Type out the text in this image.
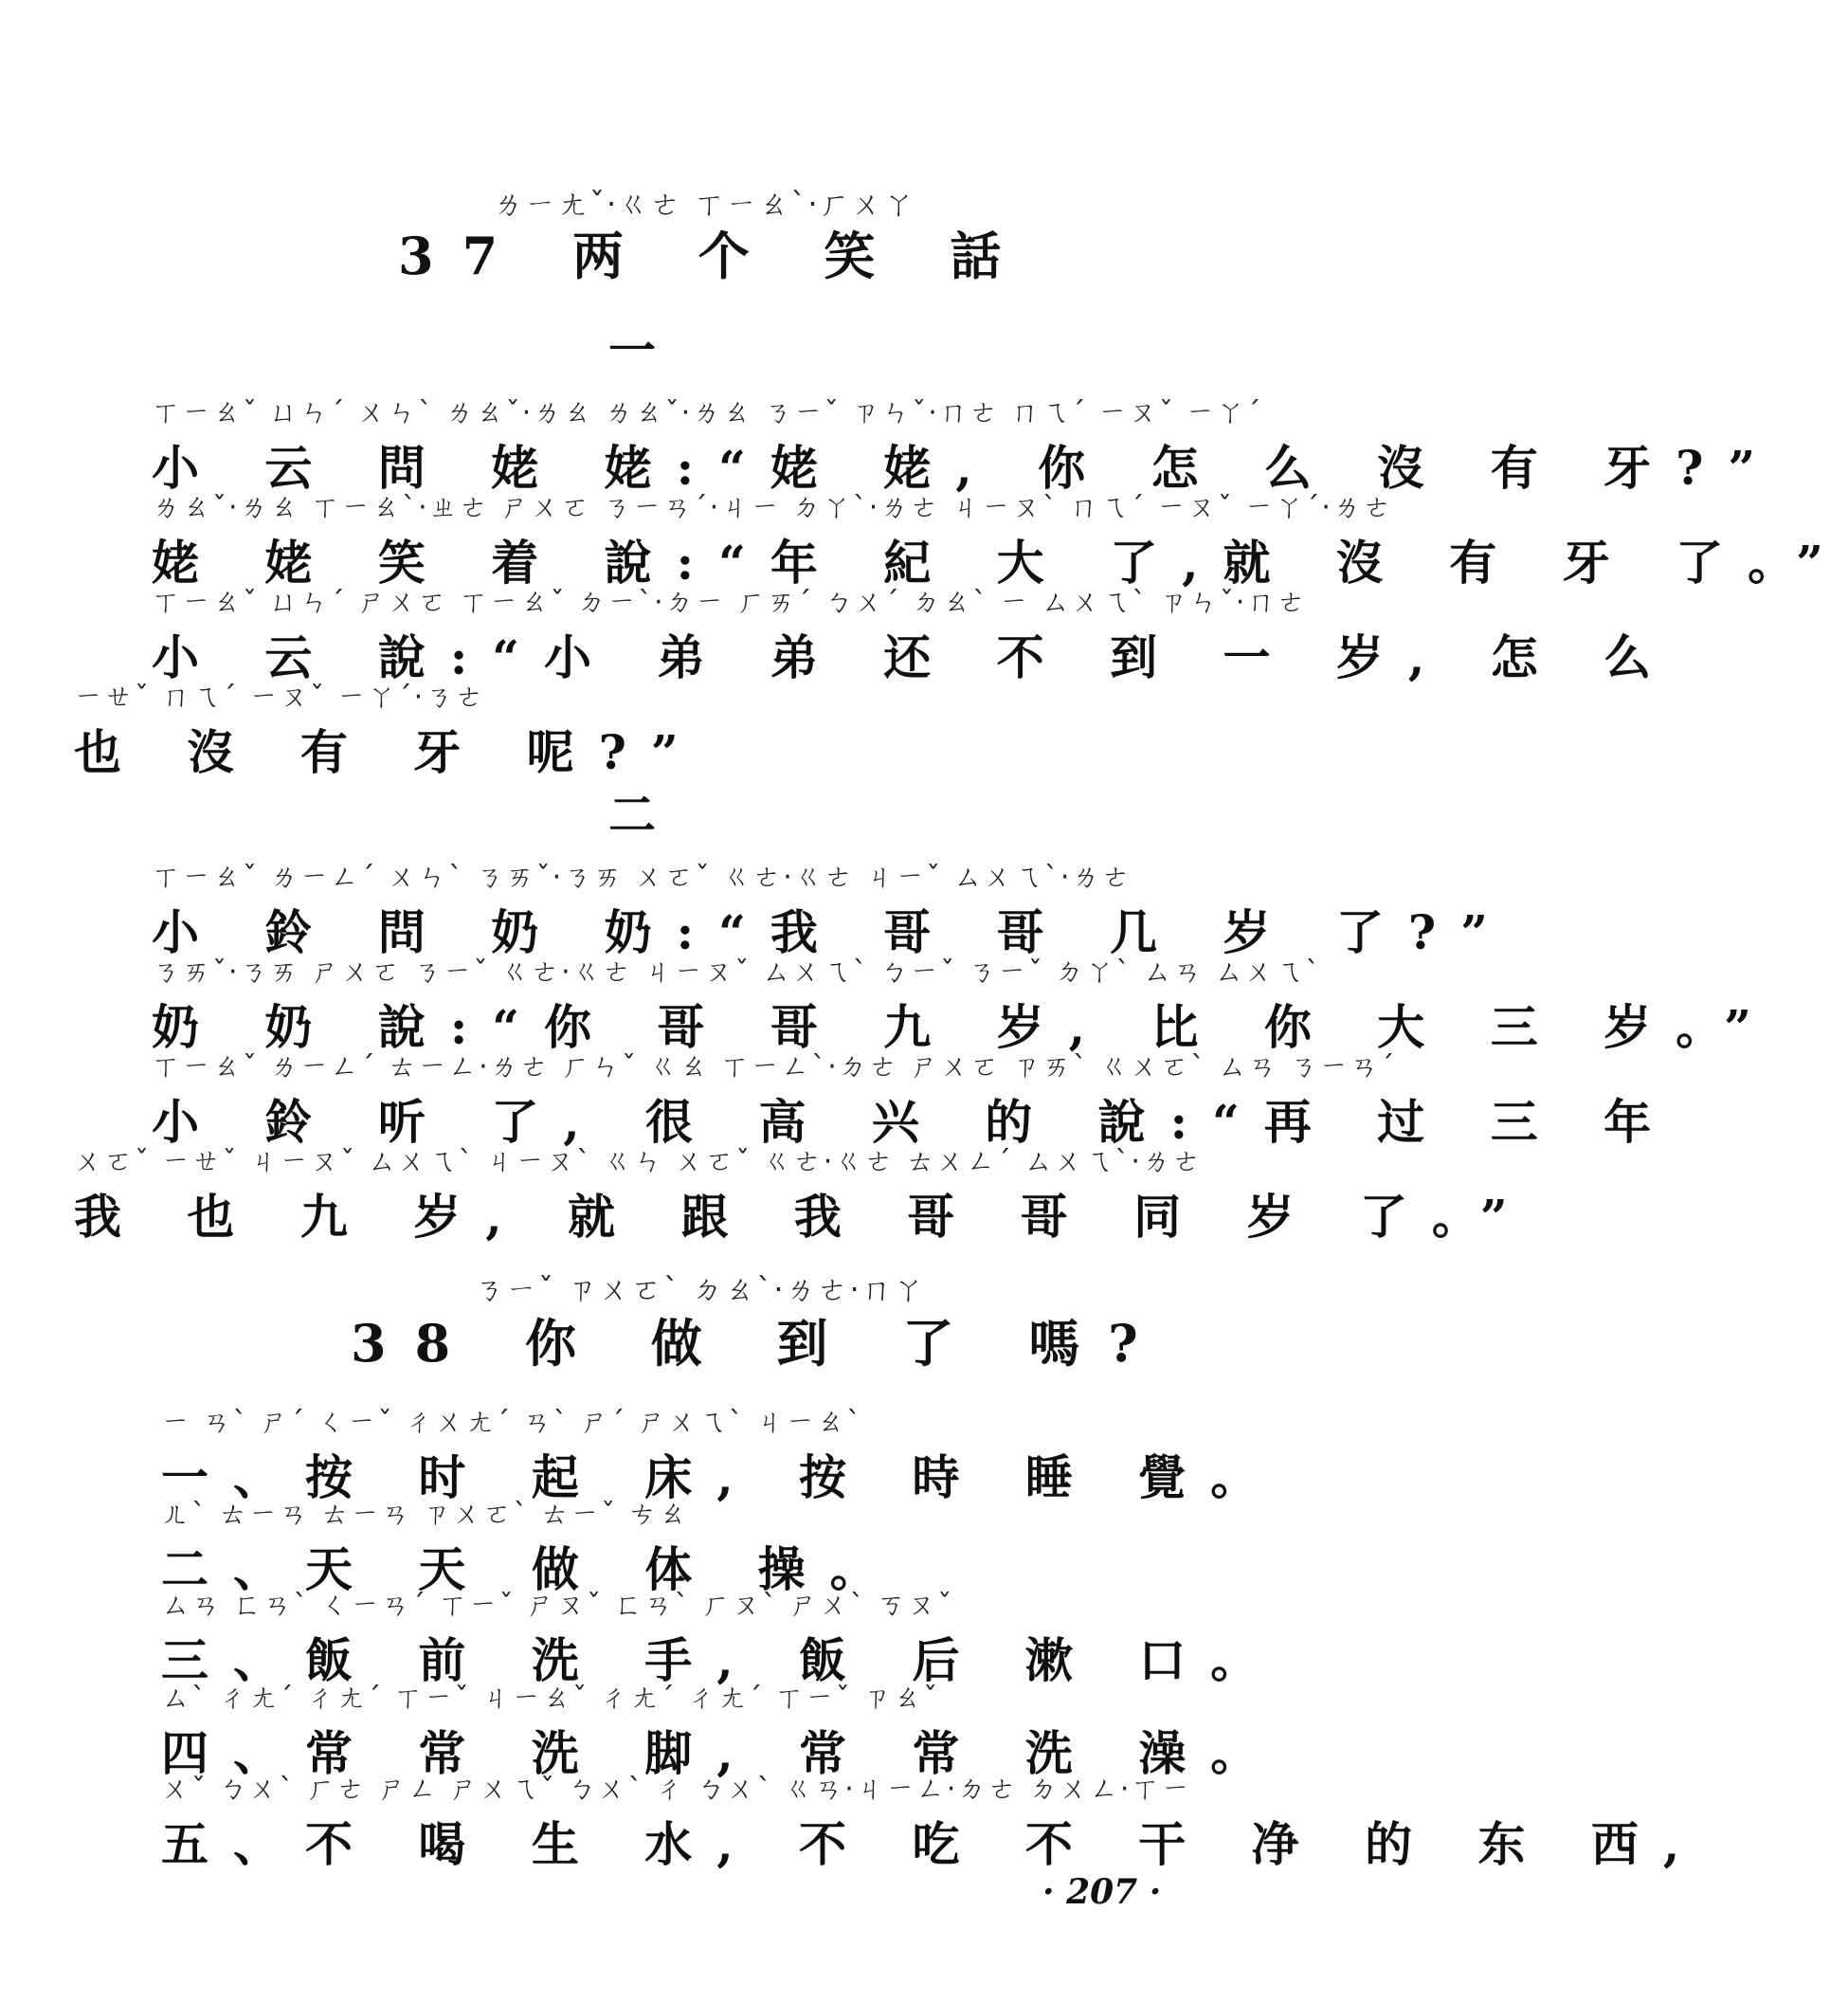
ㄌㄧㄤˇ·ㄍㄜ ㄒㄧㄠˋ·ㄏㄨㄚ
37 两 个 笑 話
一
ㄒㄧㄠˇ ㄩㄣˊ ㄨㄣˋ ㄌㄠˇ·ㄌㄠ ㄌㄠˇ·ㄌㄠ ㄋㄧˇ ㄗㄣˇ·ㄇㄜ ㄇㄟˊ ㄧㄡˇ ㄧㄚˊ
小 云 問 姥 姥:“姥 姥, 你 怎 么 沒 有 牙?”
ㄌㄠˇ·ㄌㄠ ㄒㄧㄠˋ·ㄓㄜ ㄕㄨㄛ ㄋㄧㄢˊ·ㄐㄧ ㄉㄚˋ·ㄌㄜ ㄐㄧㄡˋ ㄇㄟˊ ㄧㄡˇ ㄧㄚˊ·ㄌㄜ
姥 姥 笑 着 說:“年 紀 大 了,就 沒 有 牙 了。”
ㄒㄧㄠˇ ㄩㄣˊ ㄕㄨㄛ ㄒㄧㄠˇ ㄉㄧˋ·ㄉㄧ ㄏㄞˊ ㄅㄨˊ ㄉㄠˋ ㄧ ㄙㄨㄟˋ ㄗㄣˇ·ㄇㄜ
小 云 說:“小 弟 弟 还 不 到 一 岁, 怎 么
ㄧㄝˇ ㄇㄟˊ ㄧㄡˇ ㄧㄚˊ·ㄋㄜ
也 沒 有 牙 呢?”
二
ㄒㄧㄠˇ ㄌㄧㄥˊ ㄨㄣˋ ㄋㄞˇ·ㄋㄞ ㄨㄛˇ ㄍㄜ·ㄍㄜ ㄐㄧˇ ㄙㄨㄟˋ·ㄌㄜ
小 鈴 問 奶 奶:“我 哥 哥 几 岁 了?”
ㄋㄞˇ·ㄋㄞ ㄕㄨㄛ ㄋㄧˇ ㄍㄜ·ㄍㄜ ㄐㄧㄡˇ ㄙㄨㄟˋ ㄅㄧˇ ㄋㄧˇ ㄉㄚˋ ㄙㄢ ㄙㄨㄟˋ
奶 奶 說:“你 哥 哥 九 岁, 比 你 大 三 岁。”
ㄒㄧㄠˇ ㄌㄧㄥˊ ㄊㄧㄥ·ㄌㄜ ㄏㄣˇ ㄍㄠ ㄒㄧㄥˋ·ㄉㄜ ㄕㄨㄛ ㄗㄞˋ ㄍㄨㄛˋ ㄙㄢ ㄋㄧㄢˊ
小 鈴 听 了, 很 高 兴 的 說:“再 过 三 年
ㄨㄛˇ ㄧㄝˇ ㄐㄧㄡˇ ㄙㄨㄟˋ ㄐㄧㄡˋ ㄍㄣ ㄨㄛˇ ㄍㄜ·ㄍㄜ ㄊㄨㄥˊ ㄙㄨㄟˋ·ㄌㄜ
我 也 九 岁, 就 跟 我 哥 哥 同 岁 了。”
ㄋㄧˇ ㄗㄨㄛˋ ㄉㄠˋ·ㄌㄜ·ㄇㄚ
38 你 做 到 了 嗎?
ㄧ ㄢˋ ㄕˊ ㄑㄧˇ ㄔㄨㄤˊ ㄢˋ ㄕˊ ㄕㄨㄟˋ ㄐㄧㄠˋ
一、按 时 起 床, 按 時 睡 覺。
ㄦˋ ㄊㄧㄢ ㄊㄧㄢ ㄗㄨㄛˋ ㄊㄧˇ ㄘㄠ
二、天 天 做 体 操。
ㄙㄢ ㄈㄢˋ ㄑㄧㄢˊ ㄒㄧˇ ㄕㄡˇ ㄈㄢˋ ㄏㄡˋ ㄕㄨˋ ㄎㄡˇ
三、飯 前 洗 手, 飯 后 漱 口。
ㄙˋ ㄔㄤˊ ㄔㄤˊ ㄒㄧˇ ㄐㄧㄠˇ ㄔㄤˊ ㄔㄤˊ ㄒㄧˇ ㄗㄠˇ
四、常 常 洗 脚, 常 常 洗 澡。
ㄨˇ ㄅㄨˋ ㄏㄜ ㄕㄥ ㄕㄨㄟˇ ㄅㄨˋ ㄔ ㄅㄨˋ ㄍㄢ·ㄐㄧㄥ·ㄉㄜ ㄉㄨㄥ·ㄒㄧ
五、不 喝 生 水, 不 吃 不 干 净 的 东 西,
· 207 ·
